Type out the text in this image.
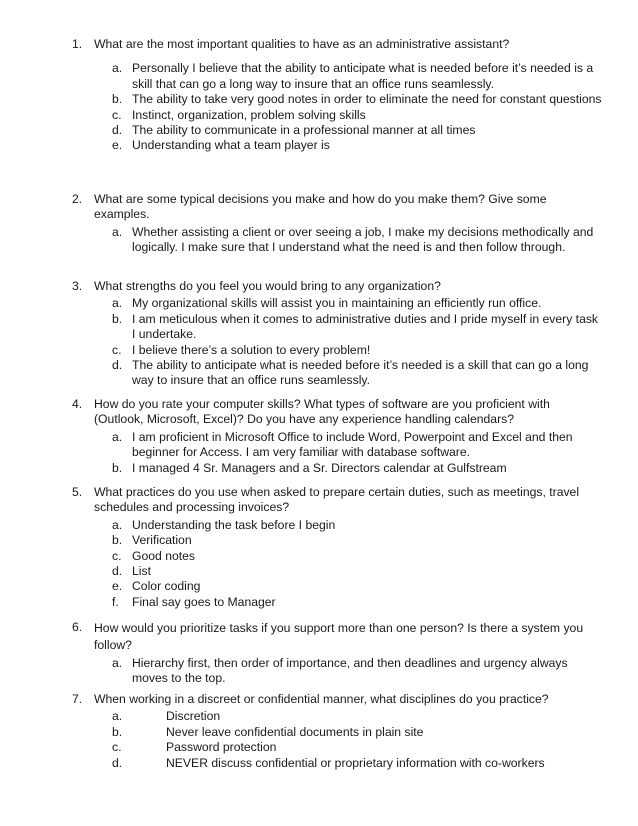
1. What are the most important qualities to have as an administrative assistant?
a. Personally I believe that the ability to anticipate what is needed before it’s needed is a skill that can go a long way to insure that an office runs seamlessly.
b. The ability to take very good notes in order to eliminate the need for constant questions
c. Instinct, organization, problem solving skills
d. The ability to communicate in a professional manner at all times
e. Understanding what a team player is
2. What are some typical decisions you make and how do you make them? Give some examples.
a. Whether assisting a client or over seeing a job, I make my decisions methodically and logically. I make sure that I understand what the need is and then follow through.
3. What strengths do you feel you would bring to any organization?
a. My organizational skills will assist you in maintaining an efficiently run office.
b. I am meticulous when it comes to administrative duties and I pride myself in every task I undertake.
c. I believe there’s a solution to every problem!
d. The ability to anticipate what is needed before it’s needed is a skill that can go a long way to insure that an office runs seamlessly.
4. How do you rate your computer skills? What types of software are you proficient with (Outlook, Microsoft, Excel)? Do you have any experience handling calendars?
a. I am proficient in Microsoft Office to include Word, Powerpoint and Excel and then beginner for Access. I am very familiar with database software.
b. I managed 4 Sr. Managers and a Sr. Directors calendar at Gulfstream
5. What practices do you use when asked to prepare certain duties, such as meetings, travel schedules and processing invoices?
a. Understanding the task before I begin
b. Verification
c. Good notes
d. List
e. Color coding
f.	Final say goes to Manager
6. How would you prioritize tasks if you support more than one person? Is there a system you follow?
a. Hierarchy first, then order of importance, and then deadlines and urgency always moves to the top.
7. When working in a discreet or confidential manner, what disciplines do you practice?
a.	Discretion
b.	Never leave confidential documents in plain site
c.	Password protection
d.	NEVER discuss confidential or proprietary information with co-workers
